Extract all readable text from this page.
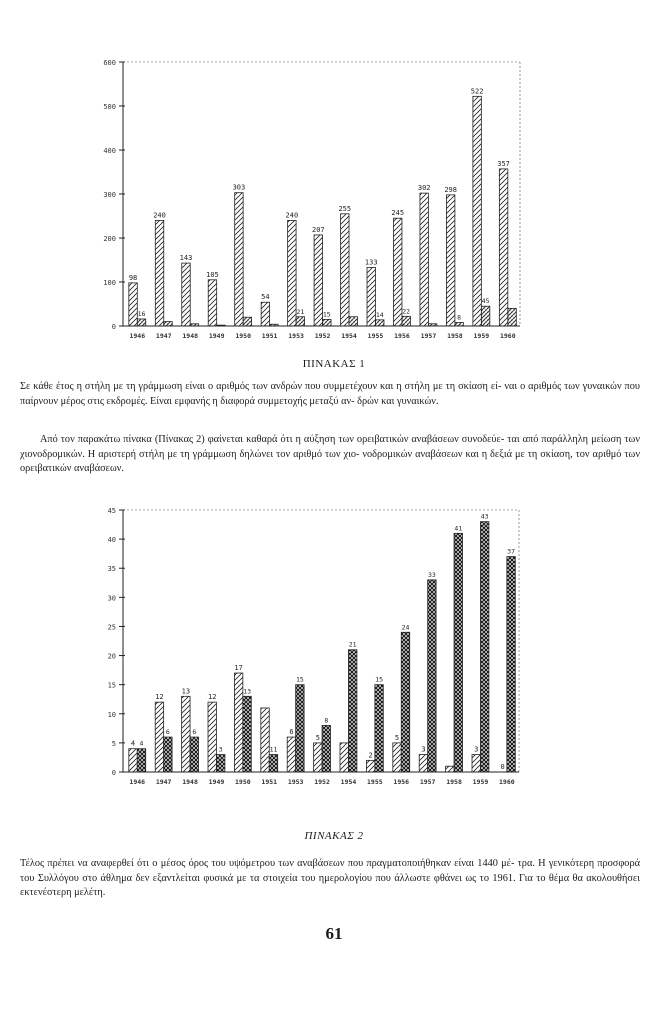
0
100
200
300
400
500
600
98
16
1946
240
1947
143
1948
105
1949
303
1950
54
1951
240
21
1953
207
15
1952
255
1954
133
14
1955
245
22
1956
302
1957
298
8
1958
522
45
1959
357
1960
ΠΙΝΑΚΑΣ 1

Σε κάθε έτος η στήλη με τη γράμμωση είναι ο αριθμός των ανδρών που συμμετέχουν και η στήλη με τη σκίαση εί- ναι ο αριθμός των γυναικών που παίρνουν μέρος στις εκδρομές. Είναι εμφανής η διαφορά συμμετοχής μεταξύ αν- δρών και γυναικών.

Από τον παρακάτω πίνακα (Πίνακας 2) φαίνεται καθαρά ότι η αύξηση των ορειβατικών αναβάσεων συνοδεύε- ται από παράλληλη μείωση των χιονοδρομικών. Η αριστερή στήλη με τη γράμμωση δηλώνει τον αριθμό των χιο- νοδρομικών αναβάσεων και η δεξιά με τη σκίαση, τον αριθμό των ορειβατικών αναβάσεων.

0
5
10
15
20
25
30
35
40
45
4 4
1946
12
6
1947
13
6
1948
12
3
1949
17
13
1950
11
1951
6
15
1953
5
8
1952
21
1954
2
15
1955
5
24
1956
3
33
1957
41
1958
3
43
1959
0
37
1960
ΠΙΝΑΚΑΣ 2

Τέλος πρέπει να αναφερθεί ότι ο μέσος όρος του υψόμετρου των αναβάσεων που πραγματοποιήθηκαν είναι 1440 μέ- τρα. Η γενικότερη προσφορά του Συλλόγου στο άθλημα δεν εξαντλείται φυσικά με τα στοιχεία του ημερολογίου που άλλωστε φθάνει ως το 1961. Για το θέμα θα ακολουθήσει εκτενέστερη μελέτη.

61
